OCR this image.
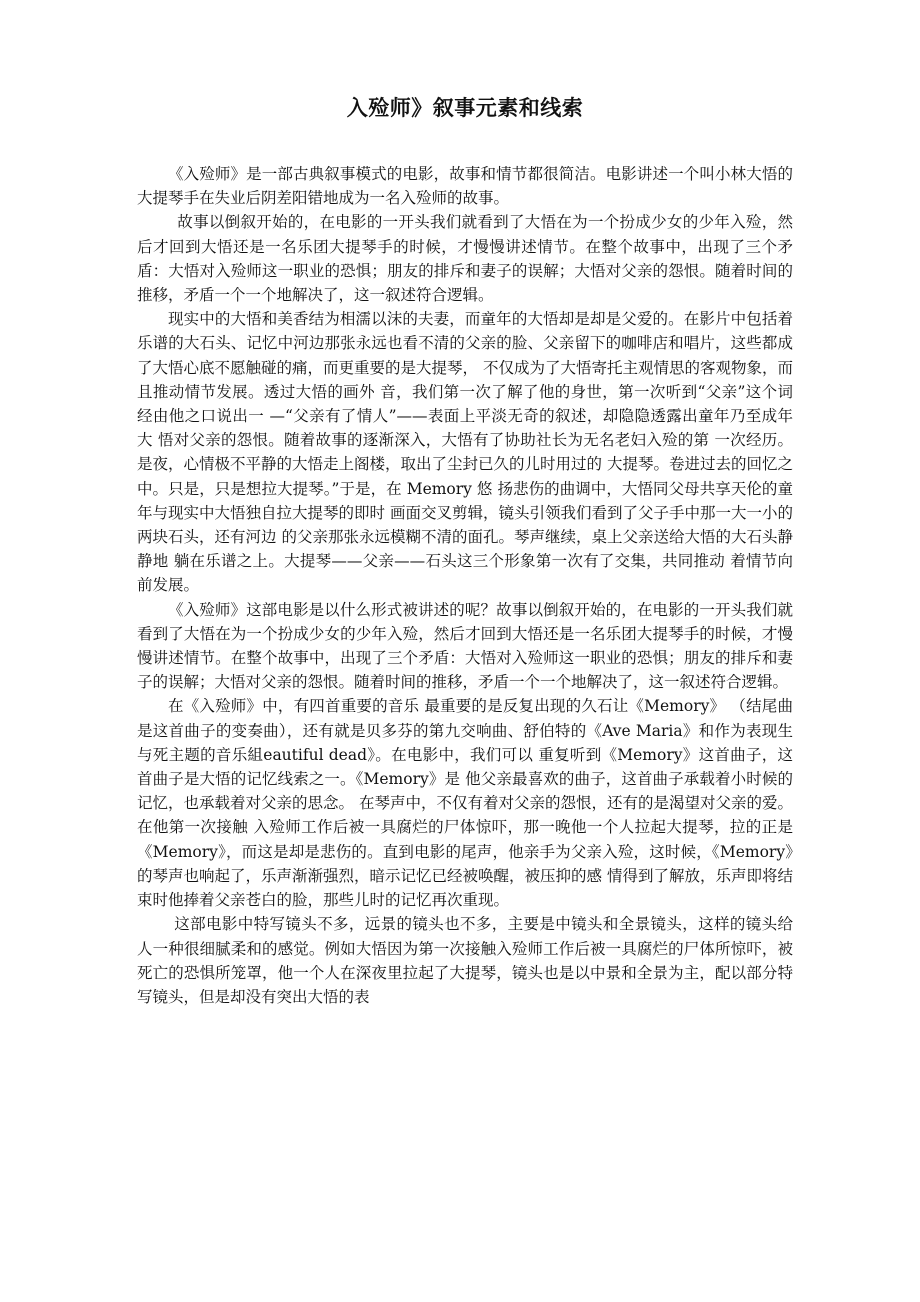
入殓师》叙事元素和线索

《入殓师》是一部古典叙事模式的电影，故事和情节都很简洁。电影讲述一个叫小林大悟的大提琴手在失业后阴差阳错地成为一名入殓师的故事。

故事以倒叙开始的，在电影的一开头我们就看到了大悟在为一个扮成少女的少年入殓，然后才回到大悟还是一名乐团大提琴手的时候，才慢慢讲述情节。在整个故事中，出现了三个矛盾：大悟对入殓师这一职业的恐惧；朋友的排斥和妻子的误解；大悟对父亲的怨恨。随着时间的推移，矛盾一个一个地解决了，这一叙述符合逻辑。

现实中的大悟和美香结为相濡以沫的夫妻，而童年的大悟却是却是父爱的。在影片中包括着乐谱的大石头、记忆中河边那张永远也看不清的父亲的脸、父亲留下的咖啡店和唱片，这些都成了大悟心底不愿触碰的痛，而更重要的是大提琴， 不仅成为了大悟寄托主观情思的客观物象，而且推动情节发展。透过大悟的画外 音，我们第一次了解了他的身世，第一次听到“父亲”这个词经由他之口说出一 —“父亲有了情人”——表面上平淡无奇的叙述，却隐隐透露出童年乃至成年大 悟对父亲的怨恨。随着故事的逐渐深入，大悟有了协助社长为无名老妇入殓的第 一次经历。是夜，心情极不平静的大悟走上阁楼，取出了尘封已久的儿时用过的 大提琴。卷进过去的回忆之中。只是，只是想拉大提琴。”于是，在 Memory 悠 扬悲伤的曲调中，大悟同父母共享天伦的童年与现实中大悟独自拉大提琴的即时 画面交叉剪辑，镜头引领我们看到了父子手中那一大一小的两块石头，还有河边 的父亲那张永远模糊不清的面孔。琴声继续，桌上父亲送给大悟的大石头静静地 躺在乐谱之上。大提琴——父亲——石头这三个形象第一次有了交集，共同推动 着情节向前发展。

《入殓师》这部电影是以什么形式被讲述的呢？故事以倒叙开始的，在电影的一开头我们就看到了大悟在为一个扮成少女的少年入殓，然后才回到大悟还是一名乐团大提琴手的时候，才慢慢讲述情节。在整个故事中，出现了三个矛盾：大悟对入殓师这一职业的恐惧；朋友的排斥和妻子的误解；大悟对父亲的怨恨。随着时间的推移，矛盾一个一个地解决了，这一叙述符合逻辑。

在《入殓师》中，有四首重要的音乐 最重要的是反复出现的久石让《Memory》 （结尾曲是这首曲子的变奏曲），还有就是贝多芬的第九交响曲、舒伯特的《Ave Maria》和作为表现生与死主题的音乐組eautiful dead》。在电影中，我们可以 重复听到《Memory》这首曲子，这首曲子是大悟的记忆线索之一。《Memory》是 他父亲最喜欢的曲子，这首曲子承载着小时候的记忆，也承载着对父亲的思念。 在琴声中，不仅有着对父亲的怨恨，还有的是渴望对父亲的爱。在他第一次接触 入殓师工作后被一具腐烂的尸体惊吓，那一晚他一个人拉起大提琴，拉的正是 《Memory》，而这是却是悲伤的。直到电影的尾声，他亲手为父亲入殓，这时候，《Memory》的琴声也响起了，乐声渐渐强烈，暗示记忆已经被唤醒，被压抑的感 情得到了解放，乐声即将结束时他捧着父亲苍白的脸，那些儿时的记忆再次重现。

这部电影中特写镜头不多，远景的镜头也不多，主要是中镜头和全景镜头，这样的镜头给人一种很细腻柔和的感觉。例如大悟因为第一次接触入殓师工作后被一具腐烂的尸体所惊吓，被死亡的恐惧所笼罩，他一个人在深夜里拉起了大提琴，镜头也是以中景和全景为主，配以部分特写镜头，但是却没有突出大悟的表
